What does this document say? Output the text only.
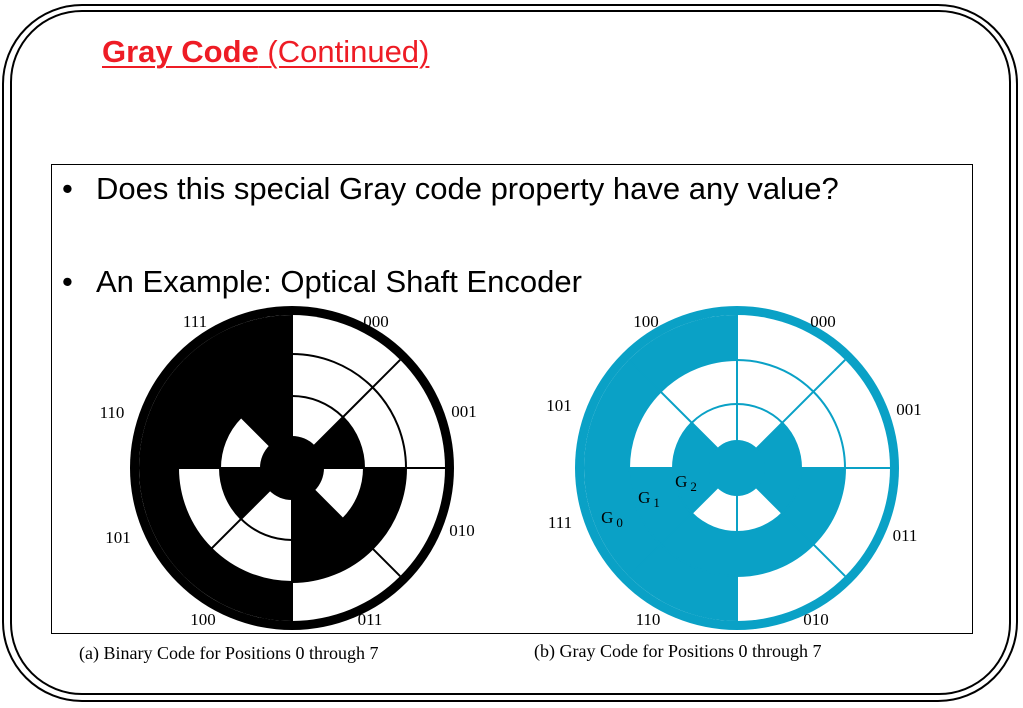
Gray Code (Continued)
• Does this special Gray code property have any value?
• An Example: Optical Shaft Encoder
000
001
010
011
100
101
110
111
B $_0$
B $_1$
B $_2$
000
001
011
010
110
111
101
100
G $_0$
G $_1$
G $_2$
(a) Binary Code for Positions 0 through 7	(b) Gray Code for Positions 0 through 7
